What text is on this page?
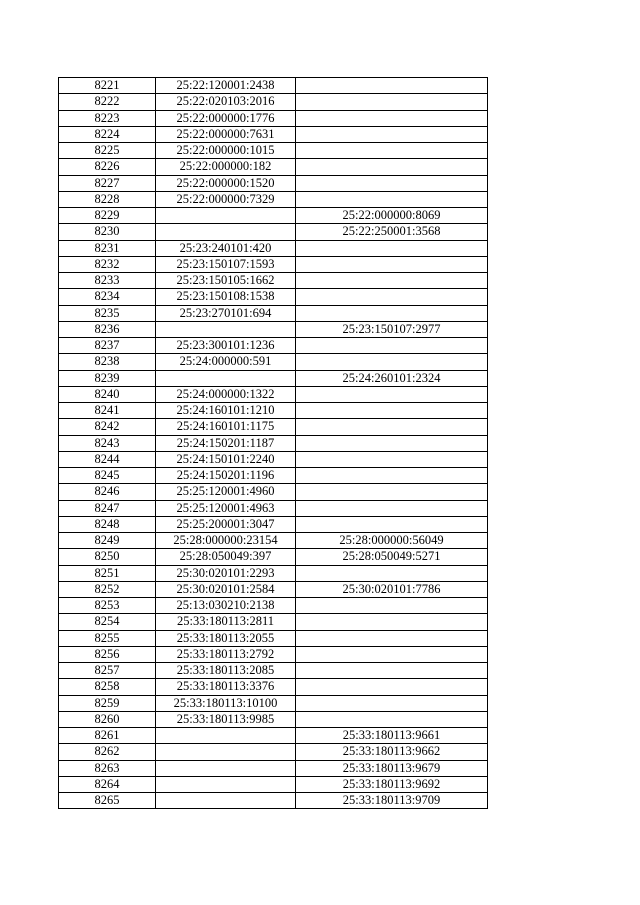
8221	25:22:120001:2438	
8222	25:22:020103:2016	
8223	25:22:000000:1776	
8224	25:22:000000:7631	
8225	25:22:000000:1015	
8226	25:22:000000:182	
8227	25:22:000000:1520	
8228	25:22:000000:7329	
8229		25:22:000000:8069
8230		25:22:250001:3568
8231	25:23:240101:420	
8232	25:23:150107:1593	
8233	25:23:150105:1662	
8234	25:23:150108:1538	
8235	25:23:270101:694	
8236		25:23:150107:2977
8237	25:23:300101:1236	
8238	25:24:000000:591	
8239		25:24:260101:2324
8240	25:24:000000:1322	
8241	25:24:160101:1210	
8242	25:24:160101:1175	
8243	25:24:150201:1187	
8244	25:24:150101:2240	
8245	25:24:150201:1196	
8246	25:25:120001:4960	
8247	25:25:120001:4963	
8248	25:25:200001:3047	
8249	25:28:000000:23154	25:28:000000:56049
8250	25:28:050049:397	25:28:050049:5271
8251	25:30:020101:2293	
8252	25:30:020101:2584	25:30:020101:7786
8253	25:13:030210:2138	
8254	25:33:180113:2811	
8255	25:33:180113:2055	
8256	25:33:180113:2792	
8257	25:33:180113:2085	
8258	25:33:180113:3376	
8259	25:33:180113:10100	
8260	25:33:180113:9985	
8261		25:33:180113:9661
8262		25:33:180113:9662
8263		25:33:180113:9679
8264		25:33:180113:9692
8265		25:33:180113:9709
